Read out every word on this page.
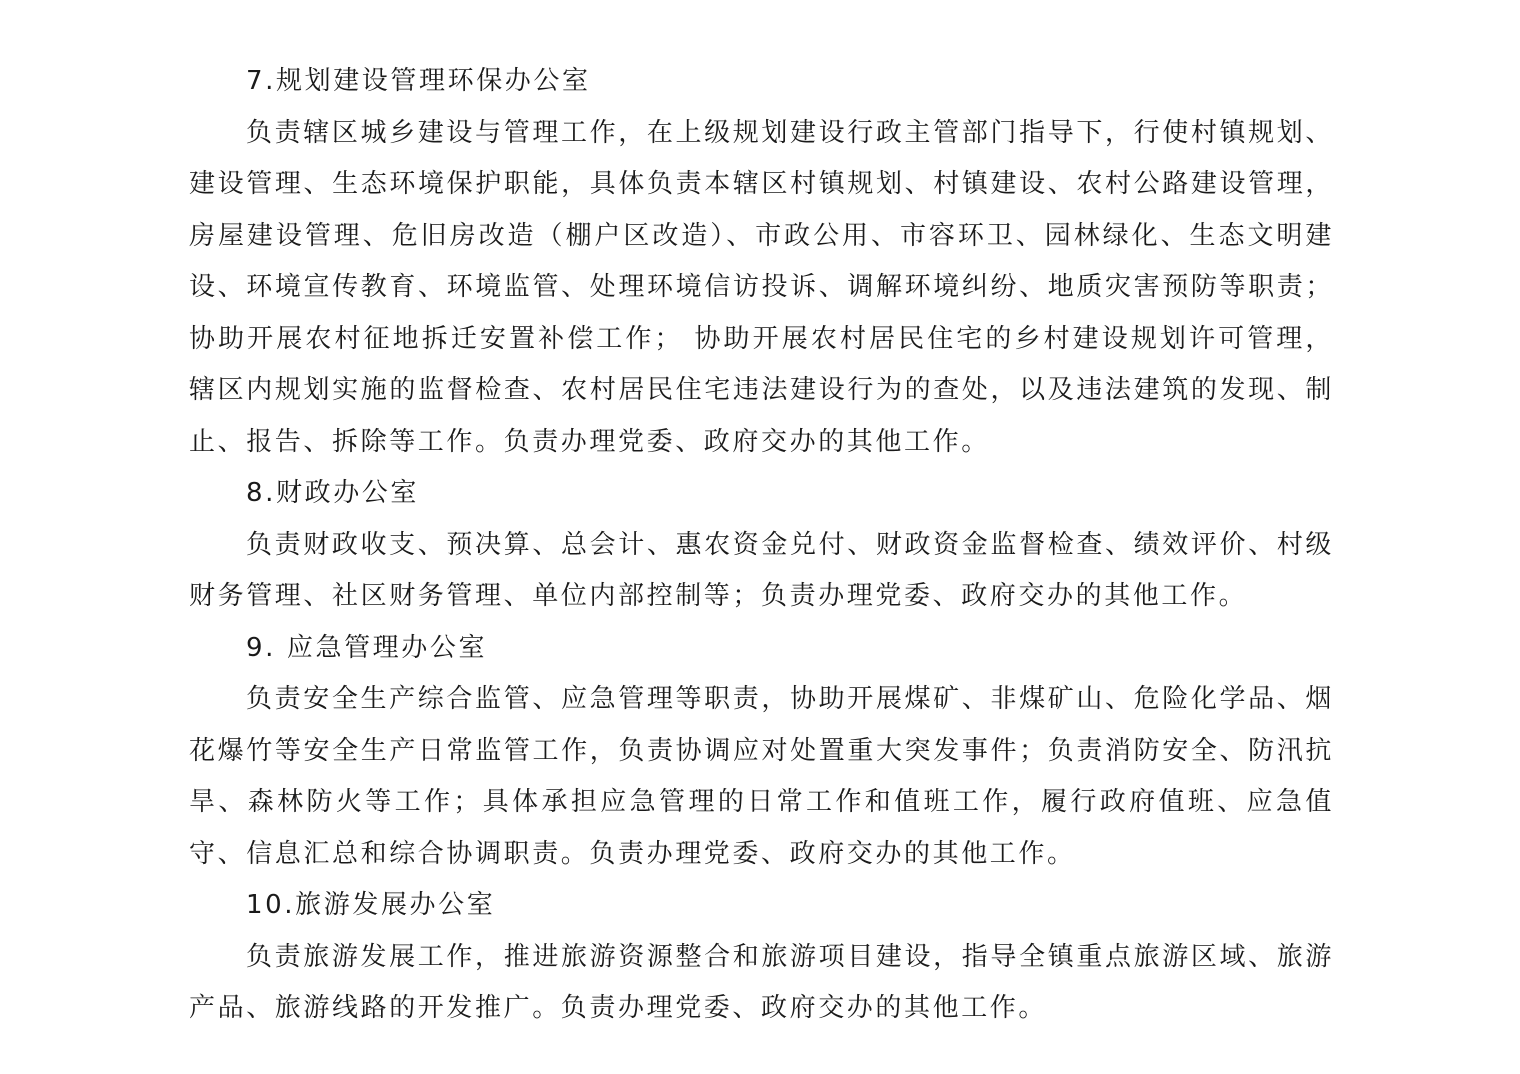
7.规划建设管理环保办公室

负责辖区城乡建设与管理工作，在上级规划建设行政主管部门指导下，行使村镇规划、建设管理、生态环境保护职能，具体负责本辖区村镇规划、村镇建设、农村公路建设管理，房屋建设管理、危旧房改造（棚户区改造）、市政公用、市容环卫、园林绿化、生态文明建设、环境宣传教育、环境监管、处理环境信访投诉、调解环境纠纷、地质灾害预防等职责；协助开展农村征地拆迁安置补偿工作； 协助开展农村居民住宅的乡村建设规划许可管理，辖区内规划实施的监督检查、农村居民住宅违法建设行为的查处，以及违法建筑的发现、制止、报告、拆除等工作。负责办理党委、政府交办的其他工作。

8.财政办公室

负责财政收支、预决算、总会计、惠农资金兑付、财政资金监督检查、绩效评价、村级财务管理、社区财务管理、单位内部控制等；负责办理党委、政府交办的其他工作。

9. 应急管理办公室

负责安全生产综合监管、应急管理等职责，协助开展煤矿、非煤矿山、危险化学品、烟花爆竹等安全生产日常监管工作，负责协调应对处置重大突发事件；负责消防安全、防汛抗旱、森林防火等工作；具体承担应急管理的日常工作和值班工作，履行政府值班、应急值守、信息汇总和综合协调职责。负责办理党委、政府交办的其他工作。

10.旅游发展办公室

负责旅游发展工作，推进旅游资源整合和旅游项目建设，指导全镇重点旅游区域、旅游产品、旅游线路的开发推广。负责办理党委、政府交办的其他工作。
